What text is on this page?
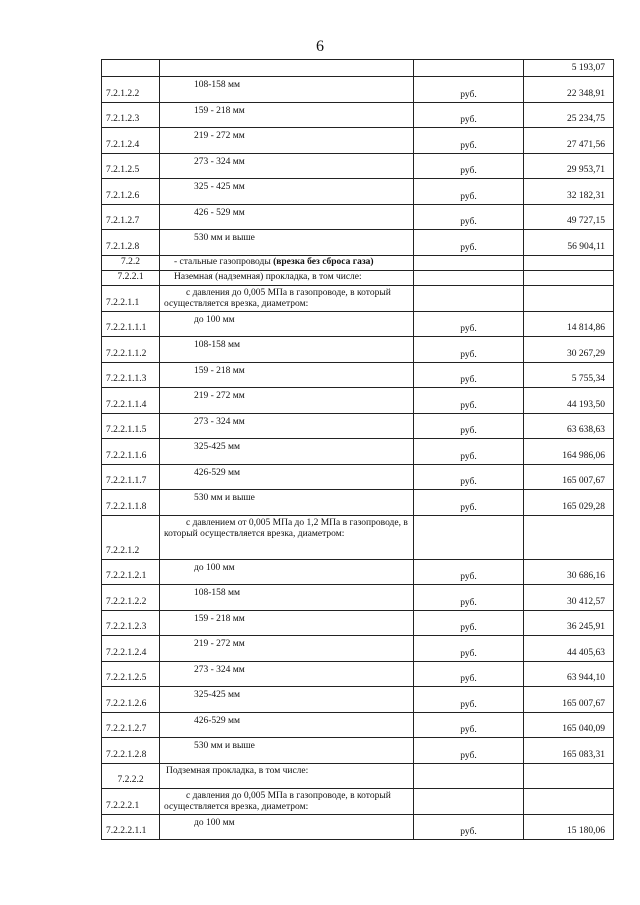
6
			5 193,07
7.2.1.2.2	108-158 мм	руб.	22 348,91
7.2.1.2.3	159 - 218 мм	руб.	25 234,75
7.2.1.2.4	219 - 272 мм	руб.	27 471,56
7.2.1.2.5	273 - 324 мм	руб.	29 953,71
7.2.1.2.6	325 - 425 мм	руб.	32 182,31
7.2.1.2.7	426 - 529 мм	руб.	49 727,15
7.2.1.2.8	530 мм и выше	руб.	56 904,11
7.2.2	- стальные газопроводы (врезка без сброса газа)		
7.2.2.1	Наземная (надземная) прокладка, в том числе:		
7.2.2.1.1	с давления до 0,005 МПа в газопроводе, в который осуществляется врезка, диаметром:		
7.2.2.1.1.1	до 100 мм	руб.	14 814,86
7.2.2.1.1.2	108-158 мм	руб.	30 267,29
7.2.2.1.1.3	159 - 218 мм	руб.	5 755,34
7.2.2.1.1.4	219 - 272 мм	руб.	44 193,50
7.2.2.1.1.5	273 - 324 мм	руб.	63 638,63
7.2.2.1.1.6	325-425 мм	руб.	164 986,06
7.2.2.1.1.7	426-529 мм	руб.	165 007,67
7.2.2.1.1.8	530 мм и выше	руб.	165 029,28
7.2.2.1.2	с давлением от 0,005 МПа до 1,2 МПа в газопроводе, в который осуществляется врезка, диаметром:		
7.2.2.1.2.1	до 100 мм	руб.	30 686,16
7.2.2.1.2.2	108-158 мм	руб.	30 412,57
7.2.2.1.2.3	159 - 218 мм	руб.	36 245,91
7.2.2.1.2.4	219 - 272 мм	руб.	44 405,63
7.2.2.1.2.5	273 - 324 мм	руб.	63 944,10
7.2.2.1.2.6	325-425 мм	руб.	165 007,67
7.2.2.1.2.7	426-529 мм	руб.	165 040,09
7.2.2.1.2.8	530 мм и выше	руб.	165 083,31
7.2.2.2	Подземная прокладка, в том числе:		
7.2.2.2.1	с давления до 0,005 МПа в газопроводе, в который осуществляется врезка, диаметром:		
7.2.2.2.1.1	до 100 мм	руб.	15 180,06
